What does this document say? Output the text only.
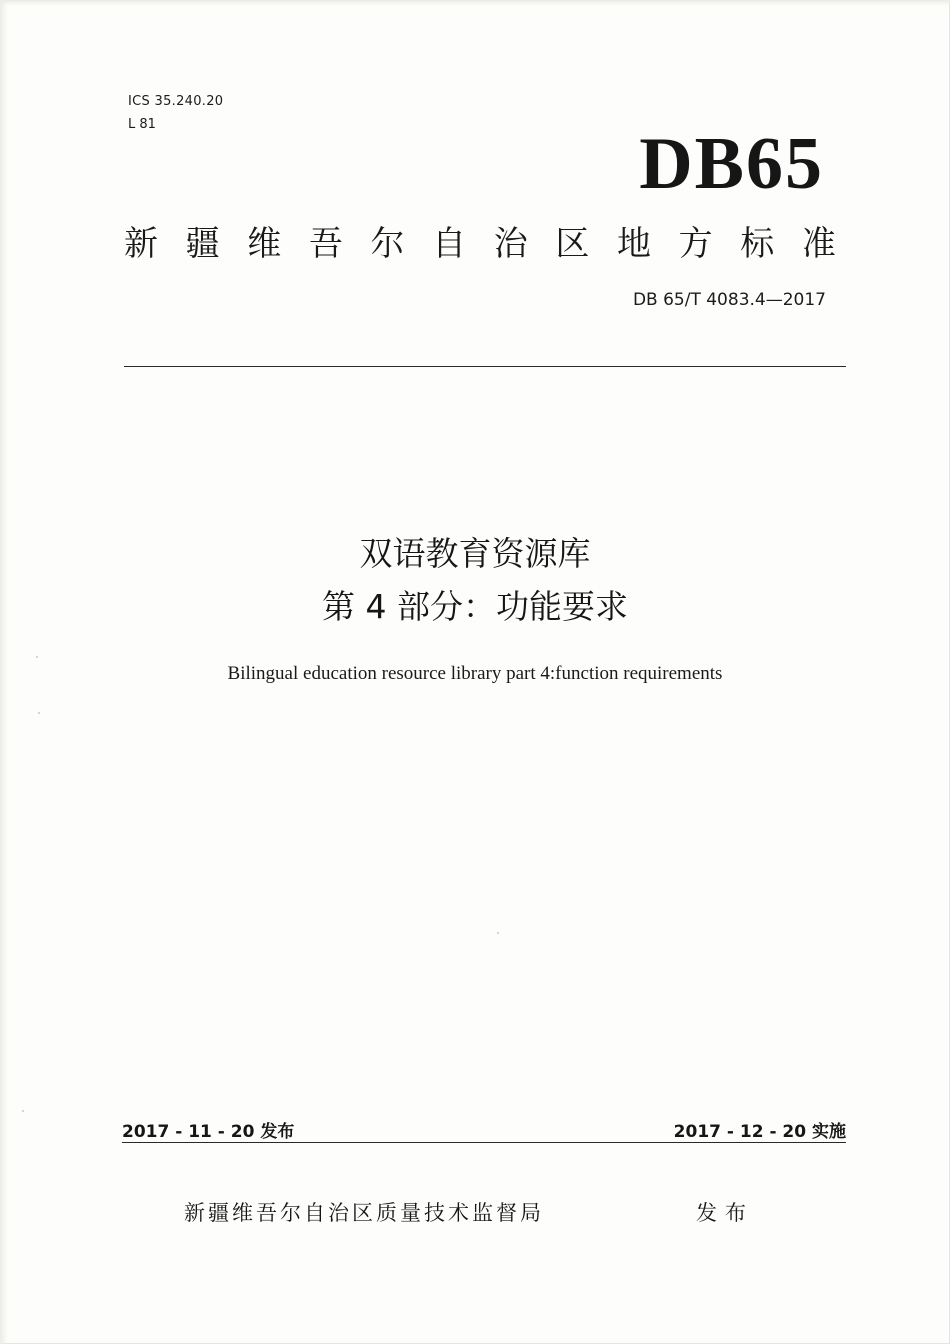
ICS 35.240.20
L 81	DB65
新 疆 维 吾 尔 自 治 区 地 方 标 准
DB 65/T 4083.4—2017
双语教育资源库
第 4 部分：功能要求
Bilingual education resource library part 4:function requirements
2017 - 11 - 20 发布	2017 - 12 - 20 实施
新疆维吾尔自治区质量技术监督局	发布
